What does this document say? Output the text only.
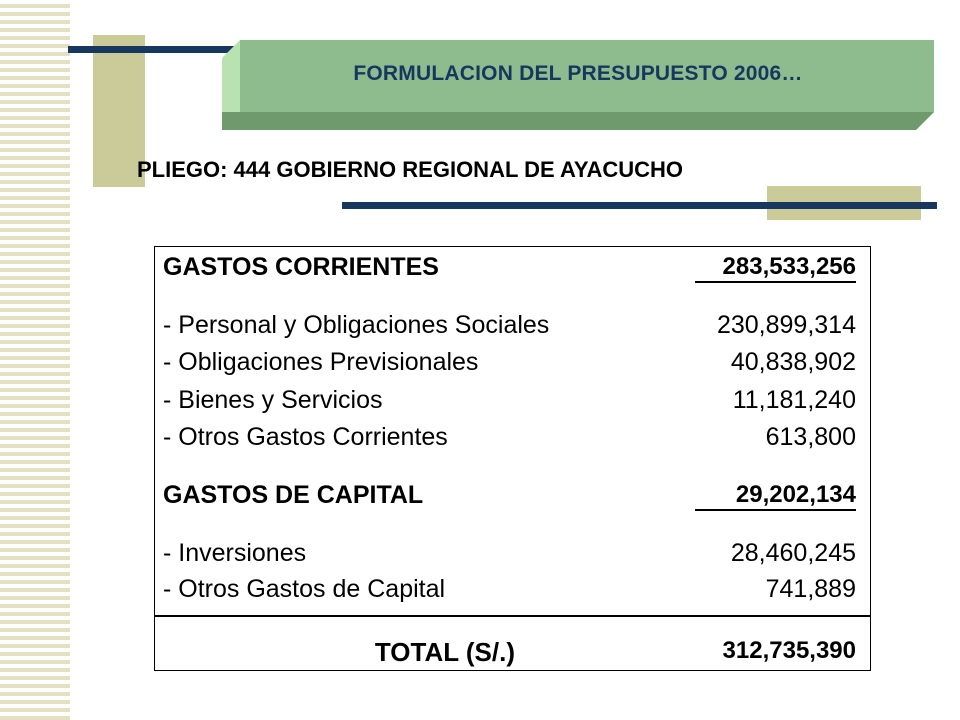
FORMULACION DEL PRESUPUESTO 2006…
PLIEGO: 444 GOBIERNO REGIONAL DE AYACUCHO
GASTOS CORRIENTES	283,533,256
- Personal y Obligaciones Sociales	230,899,314
- Obligaciones Previsionales	40,838,902
- Bienes y Servicios	11,181,240
- Otros Gastos Corrientes	613,800
GASTOS DE CAPITAL	29,202,134
- Inversiones	28,460,245
- Otros Gastos de Capital	741,889
TOTAL (S/.)	312,735,390
